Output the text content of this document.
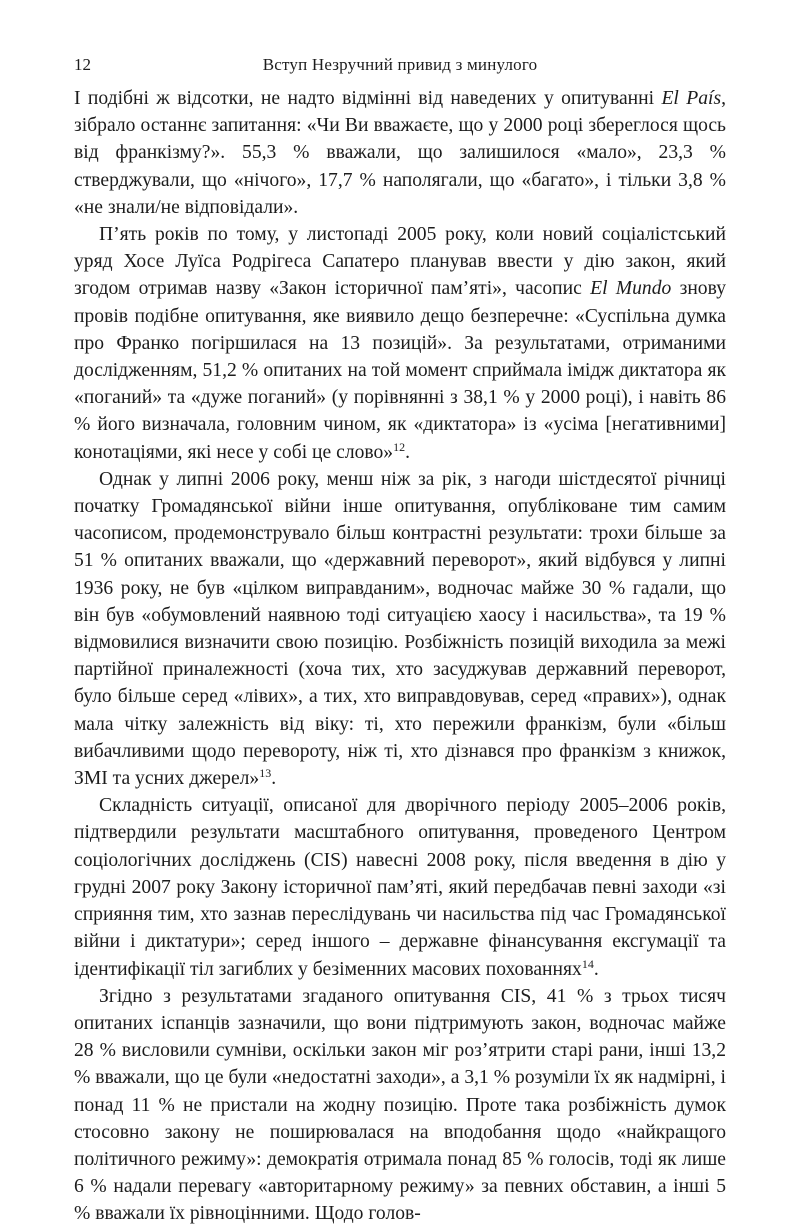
12	Вступ Незручний привид з минулого

І подібні ж відсотки, не надто відмінні від наведених у опитуванні El País, зібрало останнє запитання: «Чи Ви вважаєте, що у 2000 році збереглося щось від франкізму?». 55,3 % вважали, що залишилося «мало», 23,3 % стверджували, що «нічого», 17,7 % наполягали, що «багато», і тільки 3,8 % «не знали/не відповідали».

П’ять років по тому, у листопаді 2005 року, коли новий соціалістський уряд Хосе Луїса Родрігеса Сапатеро планував ввести у дію закон, який згодом отримав назву «Закон історичної пам’яті», часопис El Mundo знову провів подібне опитування, яке виявило дещо безперечне: «Суспільна думка про Франко погіршилася на 13 позицій». За результатами, отриманими дослідженням, 51,2 % опитаних на той момент сприймала імідж диктатора як «поганий» та «дуже поганий» (у порівнянні з 38,1 % у 2000 році), і навіть 86 % його визначала, головним чином, як «диктатора» із «усіма [негативними] конотаціями, які несе у собі це слово»$^{12}$.

Однак у липні 2006 року, менш ніж за рік, з нагоди шістдесятої річниці початку Громадянської війни інше опитування, опубліковане тим самим часописом, продемонструвало більш контрастні результати: трохи більше за 51 % опитаних вважали, що «державний переворот», який відбувся у липні 1936 року, не був «цілком виправданим», водночас майже 30 % гадали, що він був «обумовлений наявною тоді ситуацією хаосу і насильства», та 19 % відмовилися визначити свою позицію. Розбіжність позицій виходила за межі партійної приналежності (хоча тих, хто засуджував державний переворот, було більше серед «лівих», а тих, хто виправдовував, серед «правих»), однак мала чітку залежність від віку: ті, хто пережили франкізм, були «більш вибачливими щодо перевороту, ніж ті, хто дізнався про франкізм з книжок, ЗМІ та усних джерел»$^{13}$.

Складність ситуації, описаної для дворічного періоду 2005–2006 років, підтвердили результати масштабного опитування, проведеного Центром соціологічних досліджень (CIS) навесні 2008 року, після введення в дію у грудні 2007 року Закону історичної пам’яті, який передбачав певні заходи «зі сприяння тим, хто зазнав переслідувань чи насильства під час Громадянської війни і диктатури»; серед іншого – державне фінансування ексгумації та ідентифікації тіл загиблих у безіменних масових похованнях$^{14}$.

Згідно з результатами згаданого опитування CIS, 41 % з трьох тисяч опитаних іспанців зазначили, що вони підтримують закон, водночас майже 28 % висловили сумніви, оскільки закон міг роз’ятрити старі рани, інші 13,2 % вважали, що це були «недостатні заходи», а 3,1 % розуміли їх як надмірні, і понад 11 % не пристали на жодну позицію. Проте така розбіжність думок стосовно закону не поширювалася на вподобання щодо «найкращого політичного режиму»: демократія отримала понад 85 % голосів, тоді як лише 6 % надали перевагу «авторитарному режиму» за певних обставин, а інші 5 % вважали їх рівноцінними. Щодо голов-
